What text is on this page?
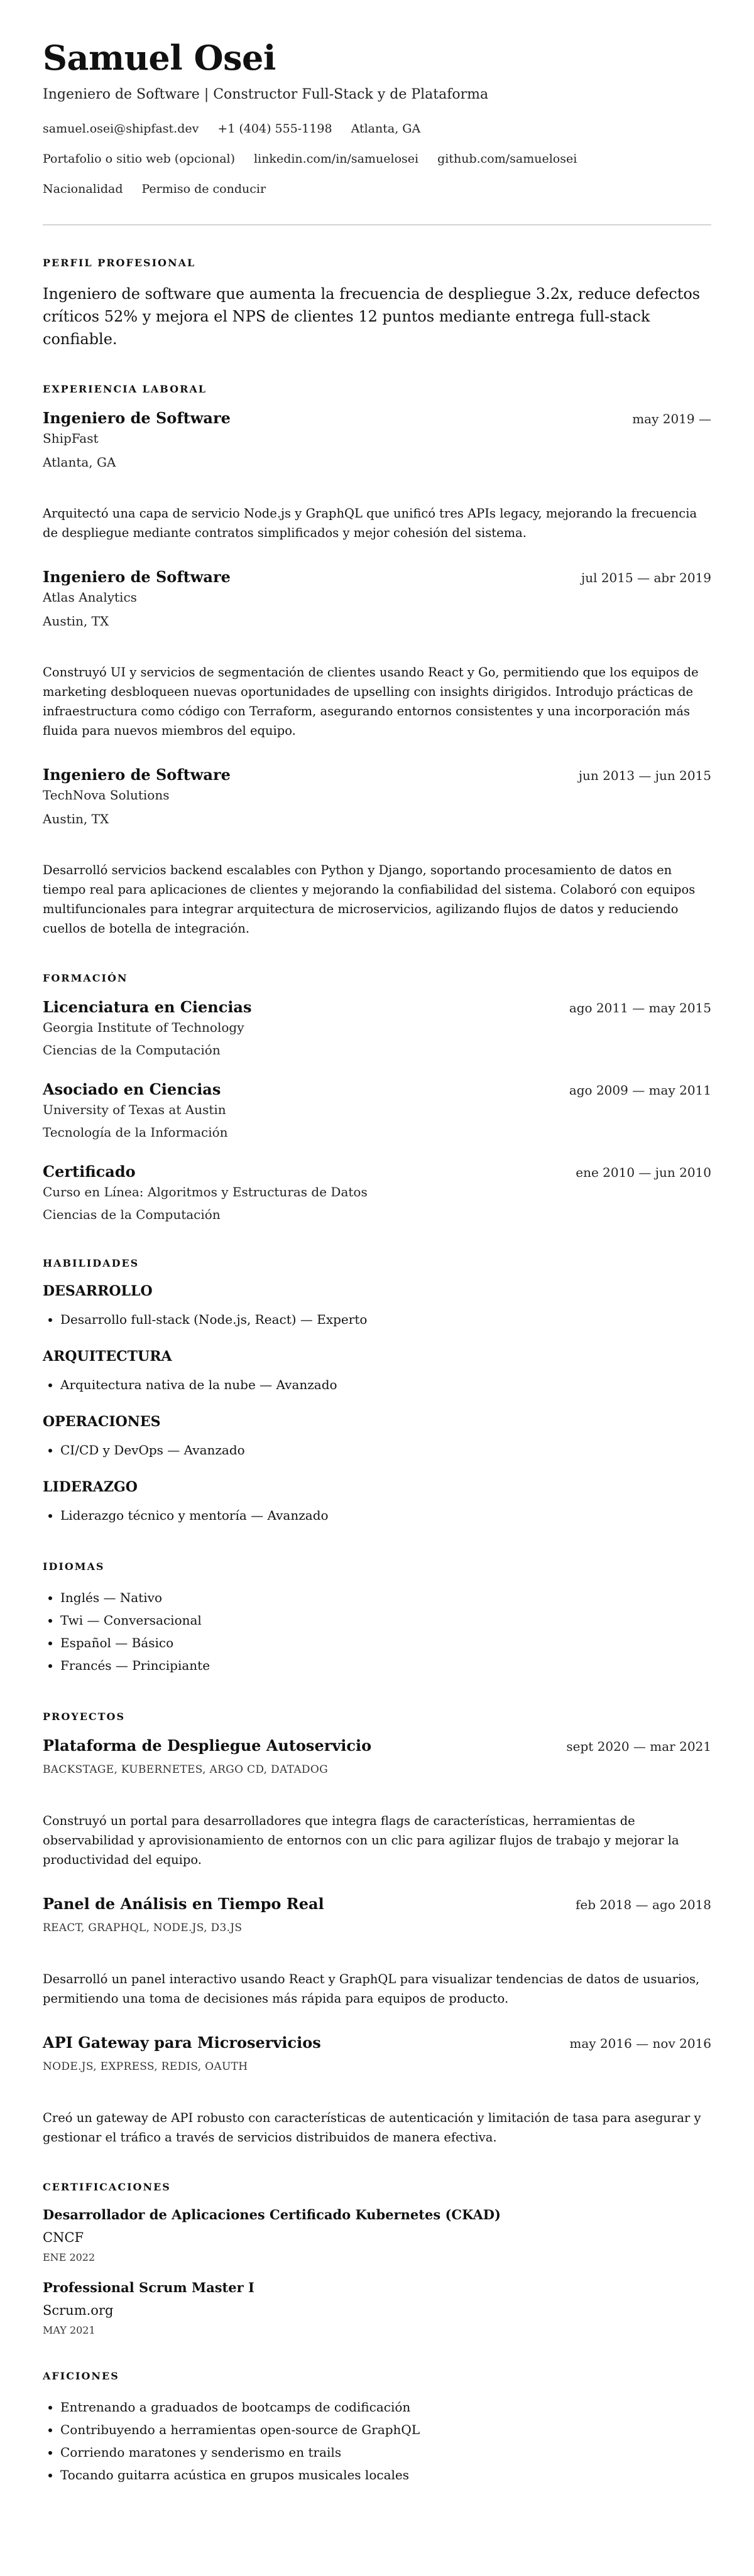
Samuel Osei
Ingeniero de Software | Constructor Full-Stack y de Plataforma
samuel.osei@shipfast.dev +1 (404) 555-1198 Atlanta, GA
Portafolio o sitio web (opcional) linkedin.com/in/samuelosei github.com/samuelosei
Nacionalidad Permiso de conducir
PERFIL PROFESIONAL

Ingeniero de software que aumenta la frecuencia de despliegue 3.2x, reduce defectos críticos 52% y mejora el NPS de clientes 12 puntos mediante entrega full-stack confiable.

EXPERIENCIA LABORAL
Ingeniero de Software	may 2019 —
ShipFast
Atlanta, GA
Arquitectó una capa de servicio Node.js y GraphQL que unificó tres APIs legacy, mejorando la frecuencia de despliegue mediante contratos simplificados y mejor cohesión del sistema.
Ingeniero de Software	jul 2015 — abr 2019
Atlas Analytics
Austin, TX
Construyó UI y servicios de segmentación de clientes usando React y Go, permitiendo que los equipos de marketing desbloqueen nuevas oportunidades de upselling con insights dirigidos. Introdujo prácticas de infraestructura como código con Terraform, asegurando entornos consistentes y una incorporación más fluida para nuevos miembros del equipo.
Ingeniero de Software	jun 2013 — jun 2015
TechNova Solutions
Austin, TX
Desarrolló servicios backend escalables con Python y Django, soportando procesamiento de datos en tiempo real para aplicaciones de clientes y mejorando la confiabilidad del sistema. Colaboró con equipos multifuncionales para integrar arquitectura de microservicios, agilizando flujos de datos y reduciendo cuellos de botella de integración.
FORMACIÓN
Licenciatura en Ciencias	ago 2011 — may 2015
Georgia Institute of Technology
Ciencias de la Computación
Asociado en Ciencias	ago 2009 — may 2011
University of Texas at Austin
Tecnología de la Información
Certificado	ene 2010 — jun 2010
Curso en Línea: Algoritmos y Estructuras de Datos
Ciencias de la Computación
HABILIDADES
DESARROLLO
• Desarrollo full-stack (Node.js, React) — Experto
ARQUITECTURA
• Arquitectura nativa de la nube — Avanzado
OPERACIONES
• CI/CD y DevOps — Avanzado
LIDERAZGO
• Liderazgo técnico y mentoría — Avanzado
IDIOMAS
• Inglés — Nativo
• Twi — Conversacional
• Español — Básico
• Francés — Principiante
PROYECTOS
Plataforma de Despliegue Autoservicio	sept 2020 — mar 2021
BACKSTAGE, KUBERNETES, ARGO CD, DATADOG
Construyó un portal para desarrolladores que integra flags de características, herramientas de observabilidad y aprovisionamiento de entornos con un clic para agilizar flujos de trabajo y mejorar la productividad del equipo.
Panel de Análisis en Tiempo Real	feb 2018 — ago 2018
REACT, GRAPHQL, NODE.JS, D3.JS
Desarrolló un panel interactivo usando React y GraphQL para visualizar tendencias de datos de usuarios, permitiendo una toma de decisiones más rápida para equipos de producto.
API Gateway para Microservicios	may 2016 — nov 2016
NODE.JS, EXPRESS, REDIS, OAUTH
Creó un gateway de API robusto con características de autenticación y limitación de tasa para asegurar y gestionar el tráfico a través de servicios distribuidos de manera efectiva.
CERTIFICACIONES
Desarrollador de Aplicaciones Certificado Kubernetes (CKAD)
CNCF
ENE 2022
Professional Scrum Master I
Scrum.org
MAY 2021
AFICIONES
• Entrenando a graduados de bootcamps de codificación
• Contribuyendo a herramientas open-source de GraphQL
• Corriendo maratones y senderismo en trails
• Tocando guitarra acústica en grupos musicales locales
